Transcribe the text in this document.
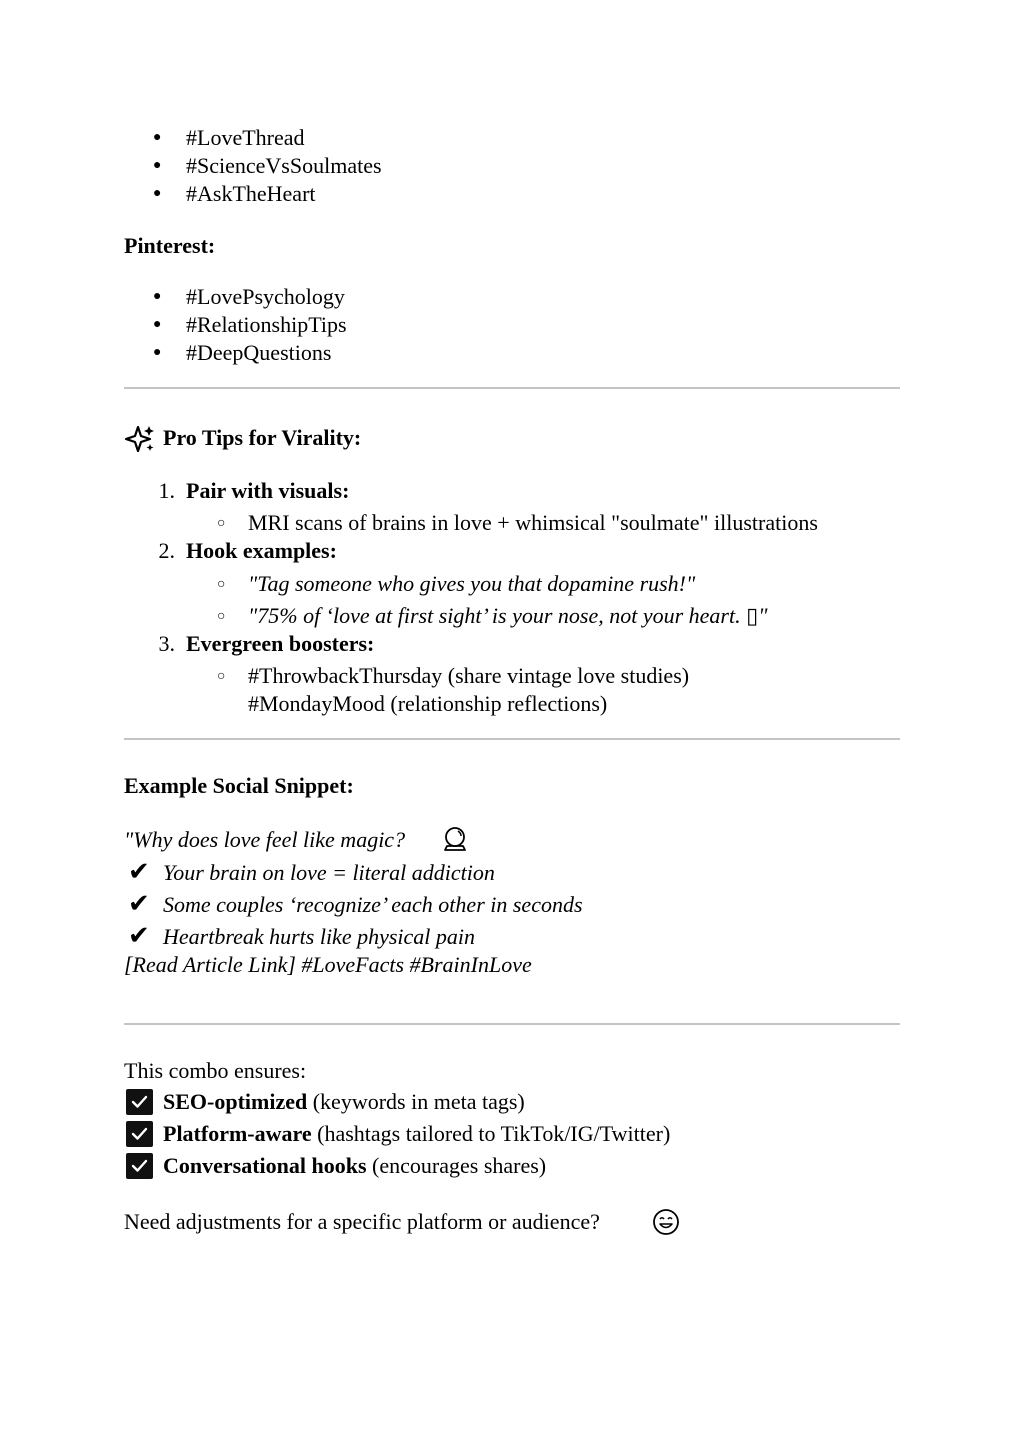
● #LoveThread
● #ScienceVsSoulmates
● #AskTheHeart
Pinterest:
● #LovePsychology
● #RelationshipTips
● #DeepQuestions
Pro Tips for Virality:
1. Pair with visuals:
○ MRI scans of brains in love + whimsical "soulmate" illustrations
2. Hook examples:
○ "Tag someone who gives you that dopamine rush!"
○ "75% of ‘love at first sight’ is your nose, not your heart. ▯"
3. Evergreen boosters:
○ #ThrowbackThursday (share vintage love studies)
#MondayMood (relationship reflections)
Example Social Snippet:
"Why does love feel like magic?
✔ Your brain on love = literal addiction
✔ Some couples ‘recognize’ each other in seconds
✔ Heartbreak hurts like physical pain
[Read Article Link] #LoveFacts #BrainInLove
This combo ensures:
SEO-optimized (keywords in meta tags)
Platform-aware (hashtags tailored to TikTok/IG/Twitter)
Conversational hooks (encourages shares)
Need adjustments for a specific platform or audience?
